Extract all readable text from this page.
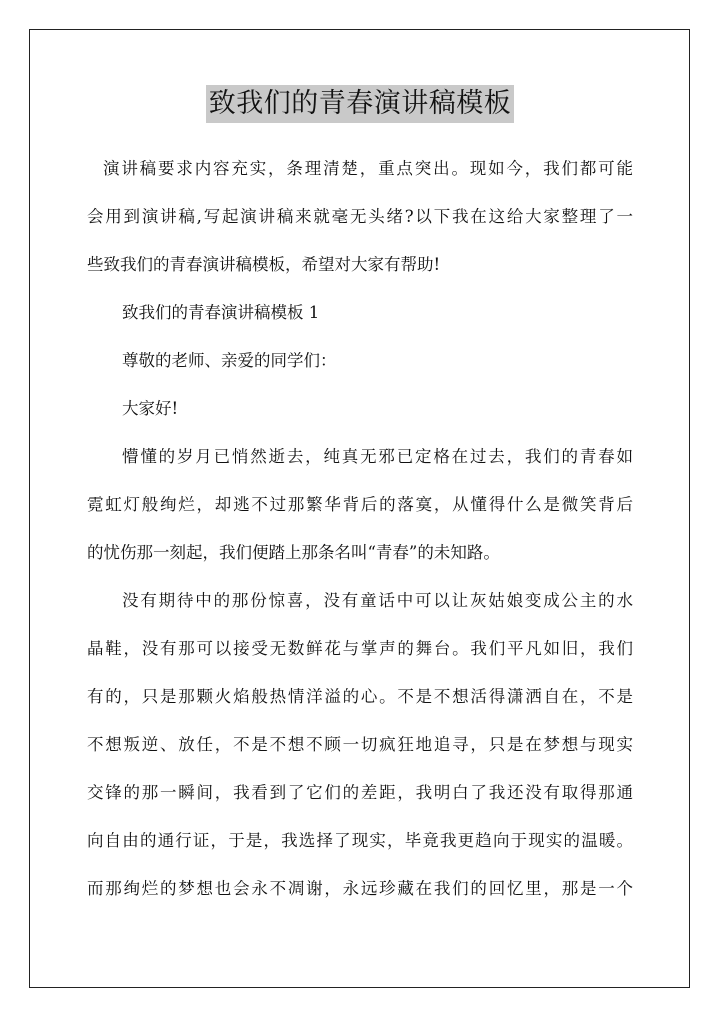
致我们的青春演讲稿模板
演讲稿要求内容充实，条理清楚，重点突出。现如今，我们都可能
会用到演讲稿,写起演讲稿来就毫无头绪?以下我在这给大家整理了一
些致我们的青春演讲稿模板，希望对大家有帮助!
致我们的青春演讲稿模板 1
尊敬的老师、亲爱的同学们：
大家好!
懵懂的岁月已悄然逝去，纯真无邪已定格在过去，我们的青春如
霓虹灯般绚烂，却逃不过那繁华背后的落寞，从懂得什么是微笑背后
的忧伤那一刻起，我们便踏上那条名叫“青春”的未知路。
没有期待中的那份惊喜，没有童话中可以让灰姑娘变成公主的水
晶鞋，没有那可以接受无数鲜花与掌声的舞台。我们平凡如旧，我们
有的，只是那颗火焰般热情洋溢的心。不是不想活得潇洒自在，不是
不想叛逆、放任，不是不想不顾一切疯狂地追寻，只是在梦想与现实
交锋的那一瞬间，我看到了它们的差距，我明白了我还没有取得那通
向自由的通行证，于是，我选择了现实，毕竟我更趋向于现实的温暖。
而那绚烂的梦想也会永不凋谢，永远珍藏在我们的回忆里，那是一个
